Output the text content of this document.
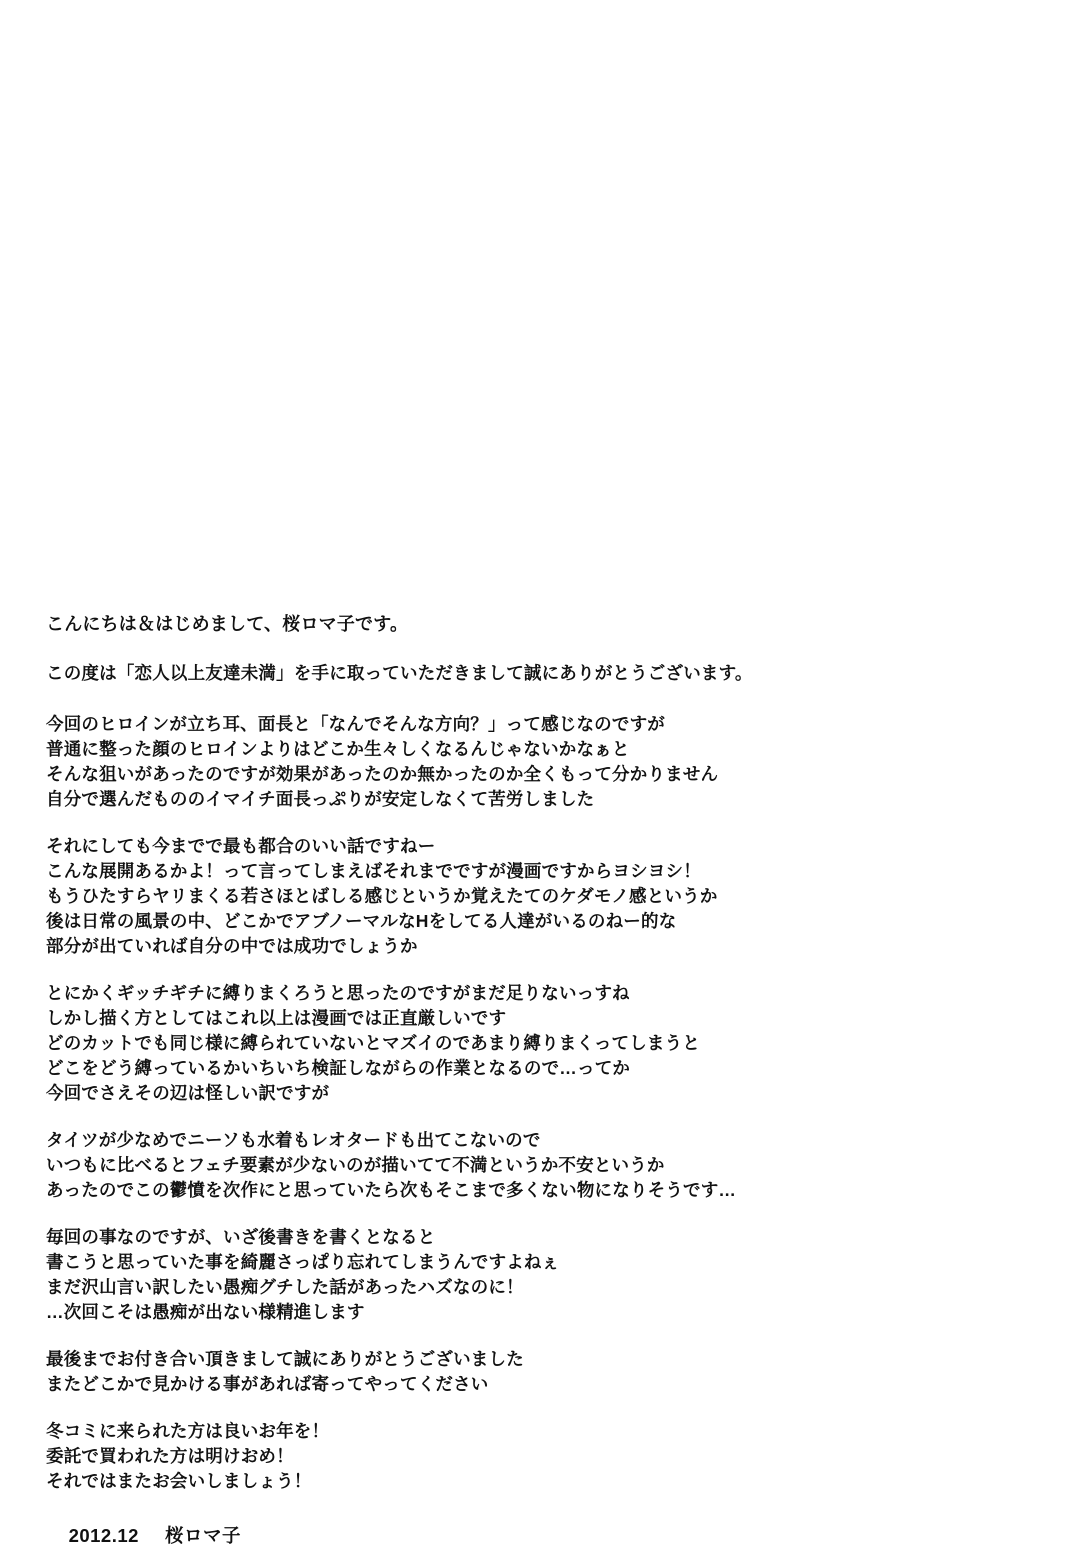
こんにちは＆はじめまして、桜ロマ子です。
この度は「恋人以上友達未満」を手に取っていただきまして誠にありがとうございます。
今回のヒロインが立ち耳、面長と「なんでそんな方向？」って感じなのですが
普通に整った顔のヒロインよりはどこか生々しくなるんじゃないかなぁと
そんな狙いがあったのですが効果があったのか無かったのか全くもって分かりません
自分で選んだもののイマイチ面長っぷりが安定しなくて苦労しました
それにしても今までで最も都合のいい話ですねー
こんな展開あるかよ！って言ってしまえばそれまでですが漫画ですからヨシヨシ！
もうひたすらヤリまくる若さほとばしる感じというか覚えたてのケダモノ感というか
後は日常の風景の中、どこかでアブノーマルなHをしてる人達がいるのねー的な
部分が出ていれば自分の中では成功でしょうか
とにかくギッチギチに縛りまくろうと思ったのですがまだ足りないっすね
しかし描く方としてはこれ以上は漫画では正直厳しいです
どのカットでも同じ様に縛られていないとマズイのであまり縛りまくってしまうと
どこをどう縛っているかいちいち検証しながらの作業となるので…ってか
今回でさえその辺は怪しい訳ですが
タイツが少なめでニーソも水着もレオタードも出てこないので
いつもに比べるとフェチ要素が少ないのが描いてて不満というか不安というか
あったのでこの鬱憤を次作にと思っていたら次もそこまで多くない物になりそうです…
毎回の事なのですが、いざ後書きを書くとなると
書こうと思っていた事を綺麗さっぱり忘れてしまうんですよねぇ
まだ沢山言い訳したい愚痴グチした話があったハズなのに！
…次回こそは愚痴が出ない様精進します
最後までお付き合い頂きまして誠にありがとうございました
またどこかで見かける事があれば寄ってやってください
冬コミに来られた方は良いお年を！
委託で買われた方は明けおめ！
それではまたお会いしましょう！

2012.12 桜ロマ子
